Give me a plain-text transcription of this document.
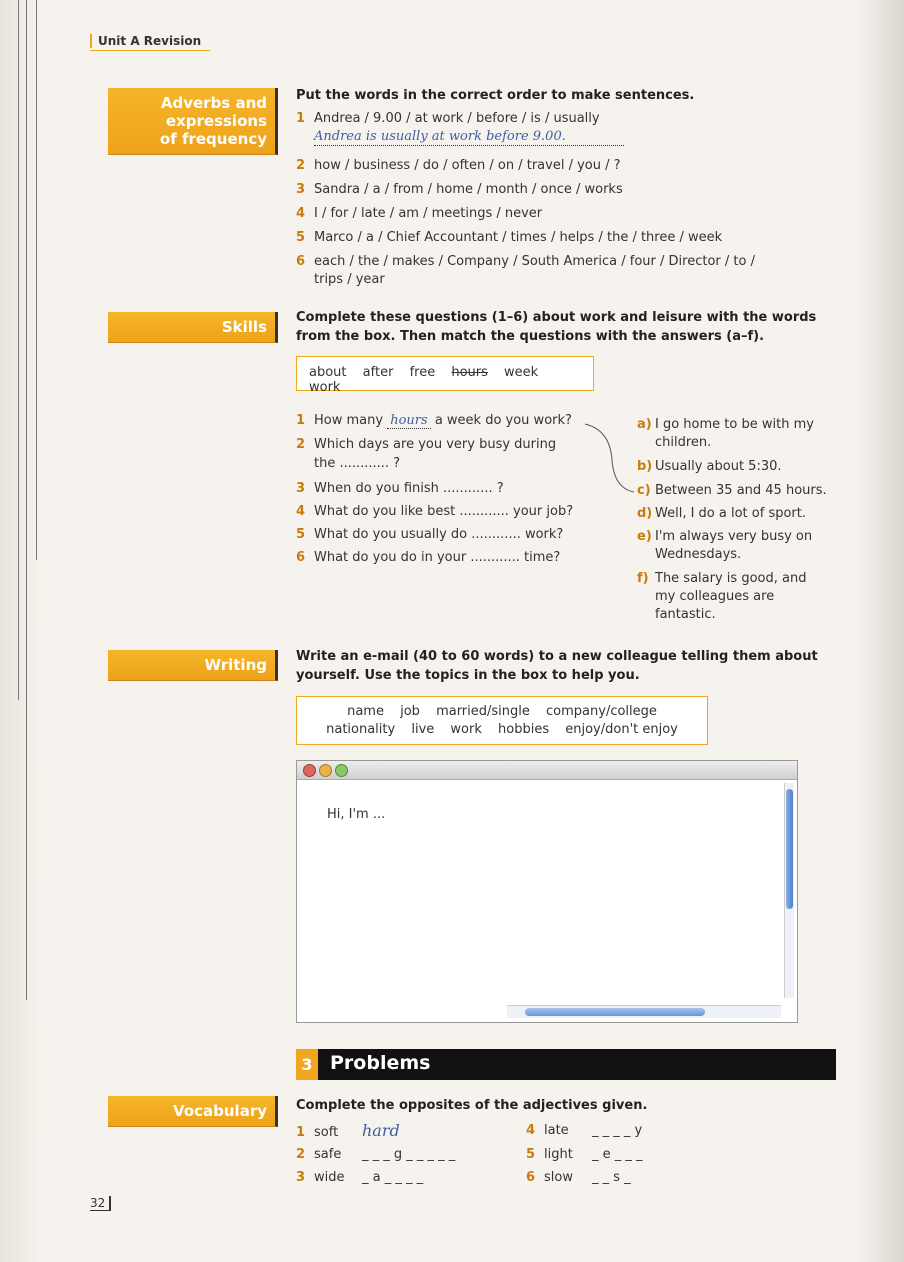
Unit A Revision
Adverbs and
expressions
of frequency
Put the words in the correct order to make sentences.
1 Andrea / 9.00 / at work / before / is / usually
Andrea is usually at work before 9.00.
2 how / business / do / often / on / travel / you / ?
3 Sandra / a / from / home / month / once / works
4 I / for / late / am / meetings / never
5 Marco / a / Chief Accountant / times / helps / the / three / week
6 each / the / makes / Company / South America / four / Director / to /
trips / year
Skills
Complete these questions (1–6) about work and leisure with the words from the box. Then match the questions with the answers (a–f).
about after free hours week work
1 How many hours a week do you work?
2 Which days are you very busy during
the ............ ?
3 When do you finish ............ ?
4 What do you like best ............ your job?
5 What do you usually do ............ work?
6 What do you do in your ............ time?
a) I go home to be with my
children.
b) Usually about 5:30.
c) Between 35 and 45 hours.
d) Well, I do a lot of sport.
e) I'm always very busy on
Wednesdays.
f) The salary is good, and
my colleagues are
fantastic.
Writing	Write an e-mail (40 to 60 words) to a new colleague telling them about yourself. Use the topics in the box to help you.
name job married/single company/college
nationality live work hobbies enjoy/don't enjoy
Hi, I'm ...
3 Problems
Vocabulary	Complete the opposites of the adjectives given.
1 soft hard
2 safe _ _ _ g _ _ _ _ _
3 wide _ a _ _ _ _
4 late _ _ _ _ y
5 light _ e _ _ _
6 slow _ _ s _
32
